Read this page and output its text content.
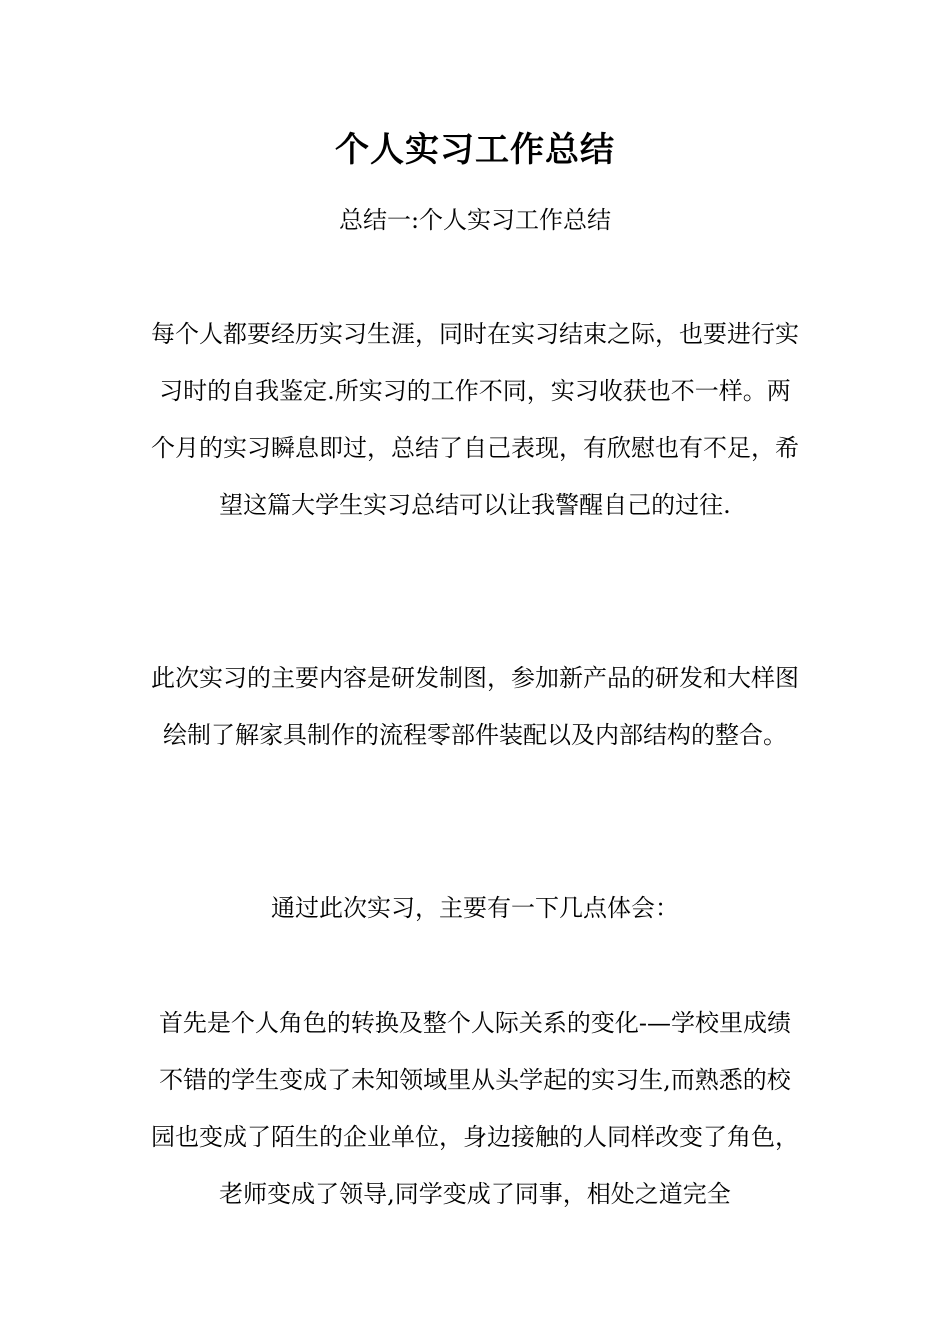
个人实习工作总结
总结一:个人实习工作总结
每个人都要经历实习生涯，同时在实习结束之际，也要进行实习时的自我鉴定.所实习的工作不同，实习收获也不一样。两个月的实习瞬息即过，总结了自己表现，有欣慰也有不足，希望这篇大学生实习总结可以让我警醒自己的过往.
此次实习的主要内容是研发制图，参加新产品的研发和大样图绘制了解家具制作的流程零部件装配以及内部结构的整合。
通过此次实习，主要有一下几点体会：
首先是个人角色的转换及整个人际关系的变化-—学校里成绩不错的学生变成了未知领域里从头学起的实习生,而熟悉的校园也变成了陌生的企业单位，身边接触的人同样改变了角色，老师变成了领导,同学变成了同事，相处之道完全
